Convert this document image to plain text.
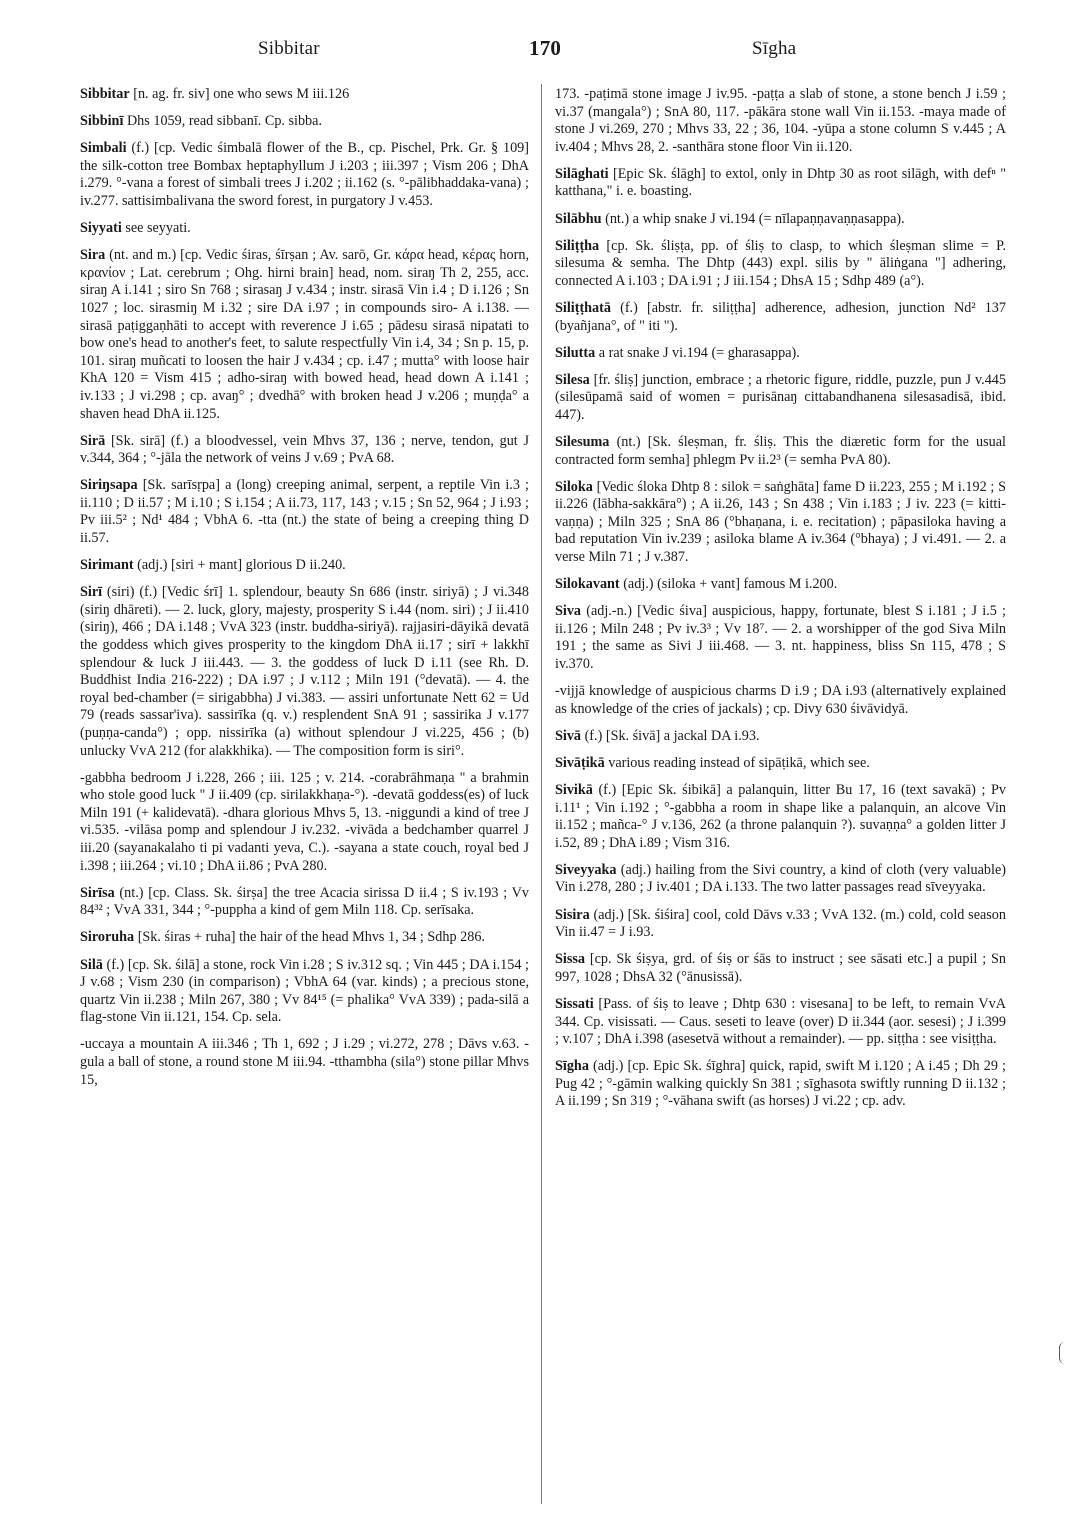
Sibbitar	170	Sīgha

Sibbitar [n. ag. fr. siv] one who sews M iii.126

Sibbinī Dhs 1059, read sibbanī. Cp. sibba.

Simbali (f.) [cp. Vedic śimbalā flower of the B., cp. Pischel, Prk. Gr. § 109] the silk-cotton tree Bombax heptaphyllum J i.203 ; iii.397 ; Vism 206 ; DhA i.279. °-vana a forest of simbali trees J i.202 ; ii.162 (s. °-pālibhaddaka-vana) ; iv.277. sattisimbalivana the sword forest, in purgatory J v.453.

Siyyati see seyyati.

Sira (nt. and m.) [cp. Vedic śiras, śīrṣan ; Av. sarō, Gr. κάρα head, κέρας horn, κρανίον ; Lat. cerebrum ; Ohg. hirni brain] head, nom. siraŋ Th 2, 255, acc. siraŋ A i.141 ; siro Sn 768 ; sirasaŋ J v.434 ; instr. sirasā Vin i.4 ; D i.126 ; Sn 1027 ; loc. sirasmiŋ M i.32 ; sire DA i.97 ; in compounds siro- A i.138. — sirasā paṭiggaṇhāti to accept with reverence J i.65 ; pādesu sirasā nipatati to bow one's head to another's feet, to salute respectfully Vin i.4, 34 ; Sn p. 15, p. 101. siraŋ muñcati to loosen the hair J v.434 ; cp. i.47 ; mutta° with loose hair KhA 120 = Vism 415 ; adho-siraŋ with bowed head, head down A i.141 ; iv.133 ; J vi.298 ; cp. avaŋ° ; dvedhā° with broken head J v.206 ; muṇḍa° a shaven head DhA ii.125.

Sirā [Sk. sirā] (f.) a bloodvessel, vein Mhvs 37, 136 ; nerve, tendon, gut J v.344, 364 ; °-jāla the network of veins J v.69 ; PvA 68.

Siriŋsapa [Sk. sarīsṛpa] a (long) creeping animal, serpent, a reptile Vin i.3 ; ii.110 ; D ii.57 ; M i.10 ; S i.154 ; A ii.73, 117, 143 ; v.15 ; Sn 52, 964 ; J i.93 ; Pv iii.5² ; Nd¹ 484 ; VbhA 6. -tta (nt.) the state of being a creeping thing D ii.57.

Sirimant (adj.) [siri + mant] glorious D ii.240.

Sirī (siri) (f.) [Vedic śrī] 1. splendour, beauty Sn 686 (instr. siriyā) ; J vi.348 (siriŋ dhāreti). — 2. luck, glory, majesty, prosperity S i.44 (nom. siri) ; J ii.410 (siriŋ), 466 ; DA i.148 ; VvA 323 (instr. buddha-siriyā). rajjasiri-dāyikā devatā the goddess which gives prosperity to the kingdom DhA ii.17 ; sirī + lakkhī splendour & luck J iii.443. — 3. the goddess of luck D i.11 (see Rh. D. Buddhist India 216-222) ; DA i.97 ; J v.112 ; Miln 191 (°devatā). — 4. the royal bed-chamber (= sirigabbha) J vi.383. — assiri unfortunate Nett 62 = Ud 79 (reads sassar'iva). sassirīka (q. v.) resplendent SnA 91 ; sassirika J v.177 (puṇṇa-canda°) ; opp. nissirīka (a) without splendour J vi.225, 456 ; (b) unlucky VvA 212 (for alakkhika). — The composition form is siri°.

-gabbha bedroom J i.228, 266 ; iii. 125 ; v. 214. -corabrāhmaṇa " a brahmin who stole good luck " J ii.409 (cp. sirilakkhaṇa-°). -devatā goddess(es) of luck Miln 191 (+ kalidevatā). -dhara glorious Mhvs 5, 13. -niggundi a kind of tree J vi.535. -vilāsa pomp and splendour J iv.232. -vivāda a bedchamber quarrel J iii.20 (sayanakalaho ti pi vadanti yeva, C.). -sayana a state couch, royal bed J i.398 ; iii.264 ; vi.10 ; DhA ii.86 ; PvA 280.

Sirīsa (nt.) [cp. Class. Sk. śirṣa] the tree Acacia sirissa D ii.4 ; S iv.193 ; Vv 84³² ; VvA 331, 344 ; °-puppha a kind of gem Miln 118. Cp. serīsaka.

Siroruha [Sk. śiras + ruha] the hair of the head Mhvs 1, 34 ; Sdhp 286.

Silā (f.) [cp. Sk. śilā] a stone, rock Vin i.28 ; S iv.312 sq. ; Vin 445 ; DA i.154 ; J v.68 ; Vism 230 (in comparison) ; VbhA 64 (var. kinds) ; a precious stone, quartz Vin ii.238 ; Miln 267, 380 ; Vv 84¹⁵ (= phalika° VvA 339) ; pada-silā a flag-stone Vin ii.121, 154. Cp. sela.

-uccaya a mountain A iii.346 ; Th 1, 692 ; J i.29 ; vi.272, 278 ; Dāvs v.63. -gula a ball of stone, a round stone M iii.94. -tthambha (sila°) stone pillar Mhvs 15,

173. -paṭimā stone image J iv.95. -paṭṭa a slab of stone, a stone bench J i.59 ; vi.37 (mangala°) ; SnA 80, 117. -pākāra stone wall Vin ii.153. -maya made of stone J vi.269, 270 ; Mhvs 33, 22 ; 36, 104. -yūpa a stone column S v.445 ; A iv.404 ; Mhvs 28, 2. -santhāra stone floor Vin ii.120.

Silāghati [Epic Sk. ślāgh] to extol, only in Dhtp 30 as root silāgh, with defⁿ " katthana," i. e. boasting.

Silābhu (nt.) a whip snake J vi.194 (= nīlapaṇṇavaṇṇasappa).

Siliṭṭha [cp. Sk. śliṣṭa, pp. of śliṣ to clasp, to which śleṣman slime = P. silesuma & semha. The Dhtp (443) expl. silis by " āliṅgana "] adhering, connected A i.103 ; DA i.91 ; J iii.154 ; DhsA 15 ; Sdhp 489 (a°).

Siliṭṭhatā (f.) [abstr. fr. siliṭṭha] adherence, adhesion, junction Nd² 137 (byañjana°, of " iti ").

Silutta a rat snake J vi.194 (= gharasappa).

Silesa [fr. śliṣ] junction, embrace ; a rhetoric figure, riddle, puzzle, pun J v.445 (silesūpamā said of women = purisānaŋ cittabandhanena silesasadisā, ibid. 447).

Silesuma (nt.) [Sk. śleṣman, fr. śliṣ. This the diæretic form for the usual contracted form semha] phlegm Pv ii.2³ (= semha PvA 80).

Siloka [Vedic śloka Dhtp 8 : silok = saṅghāta] fame D ii.223, 255 ; M i.192 ; S ii.226 (lābha-sakkāra°) ; A ii.26, 143 ; Sn 438 ; Vin i.183 ; J iv. 223 (= kitti-vaṇṇa) ; Miln 325 ; SnA 86 (°bhaṇana, i. e. recitation) ; pāpasiloka having a bad reputation Vin iv.239 ; asiloka blame A iv.364 (°bhaya) ; J vi.491. — 2. a verse Miln 71 ; J v.387.

Silokavant (adj.) (siloka + vant] famous M i.200.

Siva (adj.-n.) [Vedic śiva] auspicious, happy, fortunate, blest S i.181 ; J i.5 ; ii.126 ; Miln 248 ; Pv iv.3³ ; Vv 18⁷. — 2. a worshipper of the god Siva Miln 191 ; the same as Sivi J iii.468. — 3. nt. happiness, bliss Sn 115, 478 ; S iv.370.

-vijjā knowledge of auspicious charms D i.9 ; DA i.93 (alternatively explained as knowledge of the cries of jackals) ; cp. Divy 630 śivāvidyā.

Sivā (f.) [Sk. śivā] a jackal DA i.93.

Sivāṭikā various reading instead of sipāṭikā, which see.

Sivikā (f.) [Epic Sk. śibikā] a palanquin, litter Bu 17, 16 (text savakā) ; Pv i.11¹ ; Vin i.192 ; °-gabbha a room in shape like a palanquin, an alcove Vin ii.152 ; mañca-° J v.136, 262 (a throne palanquin ?). suvaṇṇa° a golden litter J i.52, 89 ; DhA i.89 ; Vism 316.

Siveyyaka (adj.) hailing from the Sivi country, a kind of cloth (very valuable) Vin i.278, 280 ; J iv.401 ; DA i.133. The two latter passages read sīveyyaka.

Sisira (adj.) [Sk. śiśira] cool, cold Dāvs v.33 ; VvA 132. (m.) cold, cold season Vin ii.47 = J i.93.

Sissa [cp. Sk śiṣya, grd. of śiṣ or śās to instruct ; see sāsati etc.] a pupil ; Sn 997, 1028 ; DhsA 32 (°ānusissā).

Sissati [Pass. of śiṣ to leave ; Dhtp 630 : visesana] to be left, to remain VvA 344. Cp. visissati. — Caus. seseti to leave (over) D ii.344 (aor. sesesi) ; J i.399 ; v.107 ; DhA i.398 (asesetvā without a remainder). — pp. siṭṭha : see visiṭṭha.

Sīgha (adj.) [cp. Epic Sk. śīghra] quick, rapid, swift M i.120 ; A i.45 ; Dh 29 ; Pug 42 ; °-gāmin walking quickly Sn 381 ; sīghasota swiftly running D ii.132 ; A ii.199 ; Sn 319 ; °-vāhana swift (as horses) J vi.22 ; cp. adv.
